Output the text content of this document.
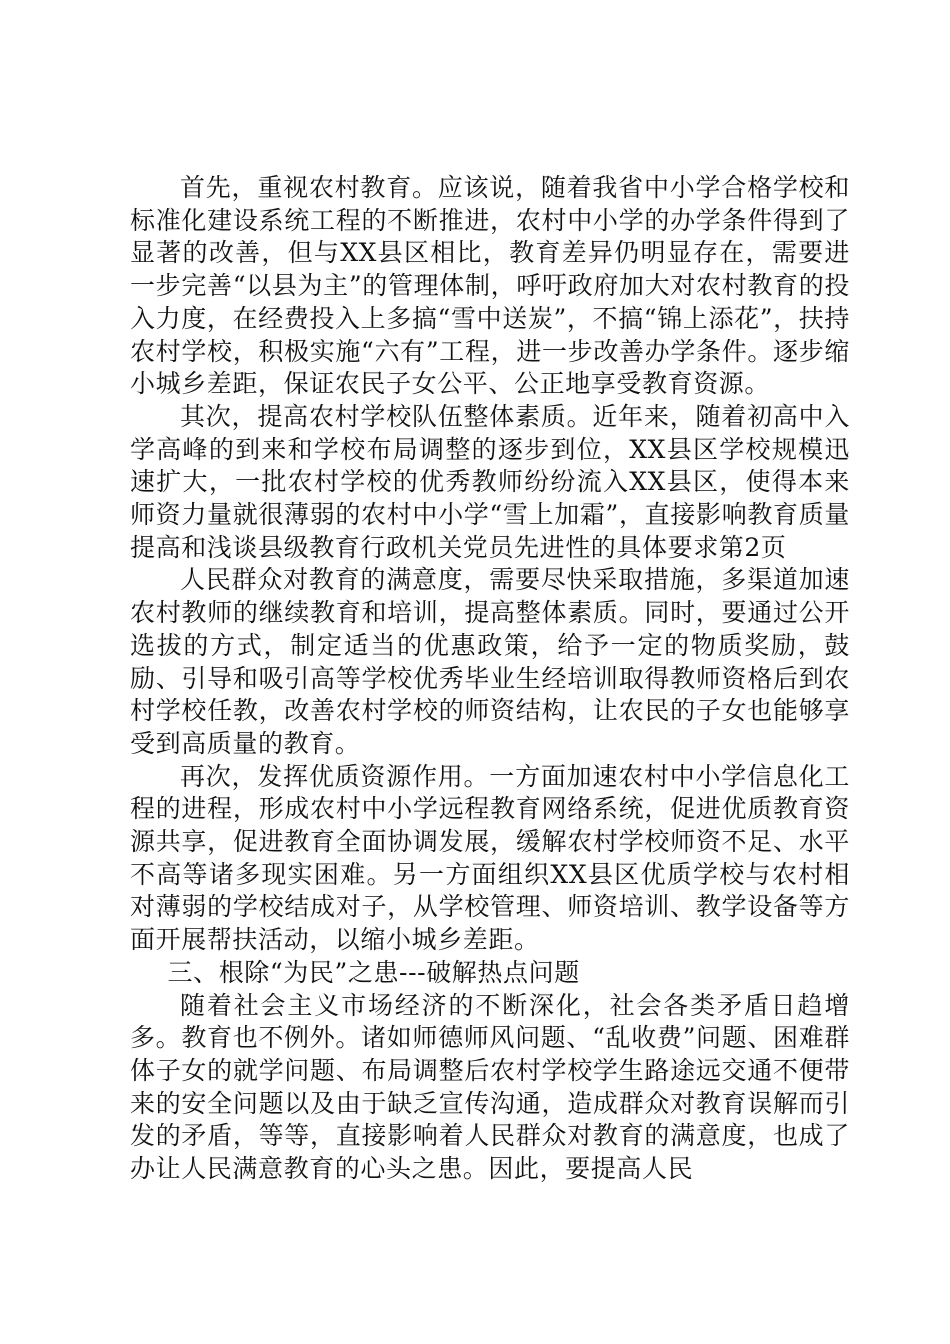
首先，重视农村教育。应该说，随着我省中小学合格学校和标准化建设系统工程的不断推进，农村中小学的办学条件得到了显著的改善，但与XX县区相比，教育差异仍明显存在，需要进一步完善“以县为主”的管理体制，呼吁政府加大对农村教育的投入力度，在经费投入上多搞“雪中送炭”，不搞“锦上添花”，扶持农村学校，积极实施“六有”工程，进一步改善办学条件。逐步缩小城乡差距，保证农民子女公平、公正地享受教育资源。

其次，提高农村学校队伍整体素质。近年来，随着初高中入学高峰的到来和学校布局调整的逐步到位，XX县区学校规模迅速扩大，一批农村学校的优秀教师纷纷流入XX县区，使得本来师资力量就很薄弱的农村中小学“雪上加霜”，直接影响教育质量提高和浅谈县级教育行政机关党员先进性的具体要求第2页

人民群众对教育的满意度，需要尽快采取措施，多渠道加速农村教师的继续教育和培训，提高整体素质。同时，要通过公开选拔的方式，制定适当的优惠政策，给予一定的物质奖励，鼓励、引导和吸引高等学校优秀毕业生经培训取得教师资格后到农村学校任教，改善农村学校的师资结构，让农民的子女也能够享受到高质量的教育。

再次，发挥优质资源作用。一方面加速农村中小学信息化工程的进程，形成农村中小学远程教育网络系统，促进优质教育资源共享，促进教育全面协调发展，缓解农村学校师资不足、水平不高等诸多现实困难。另一方面组织XX县区优质学校与农村相对薄弱的学校结成对子，从学校管理、师资培训、教学设备等方面开展帮扶活动，以缩小城乡差距。

三、根除“为民”之患---破解热点问题

随着社会主义市场经济的不断深化，社会各类矛盾日趋增多。教育也不例外。诸如师德师风问题、“乱收费”问题、困难群体子女的就学问题、布局调整后农村学校学生路途远交通不便带来的安全问题以及由于缺乏宣传沟通，造成群众对教育误解而引发的矛盾，等等，直接影响着人民群众对教育的满意度，也成了办让人民满意教育的心头之患。因此，要提高人民
